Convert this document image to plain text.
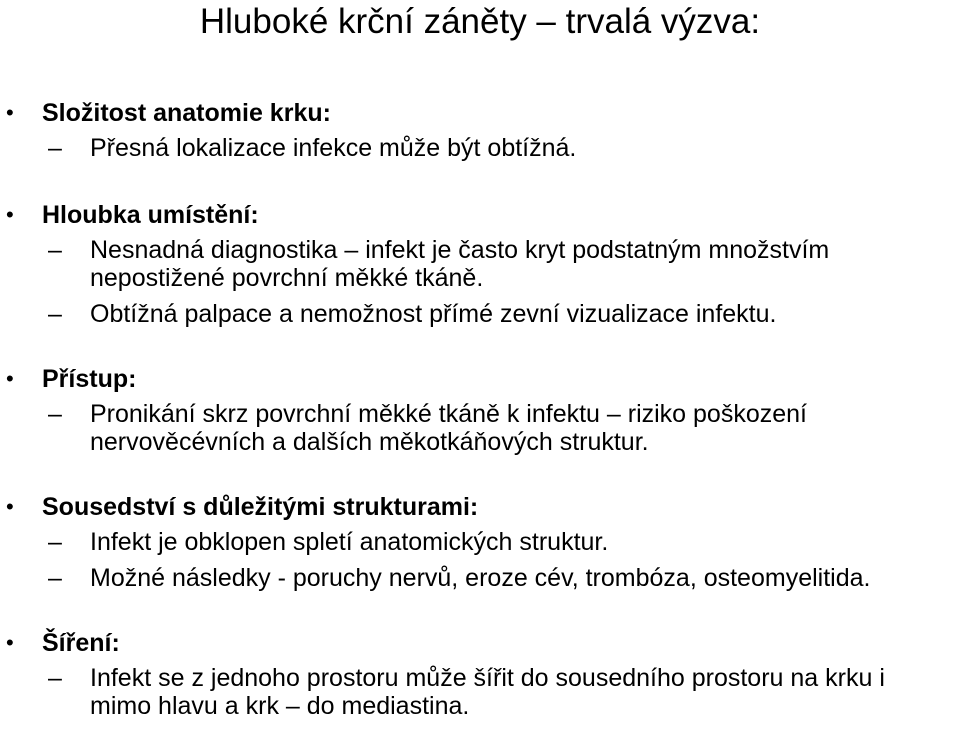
Hluboké krční záněty – trvalá výzva:
• Složitost anatomie krku:
– Přesná lokalizace infekce může být obtížná.
• Hloubka umístění:
– Nesnadná diagnostika – infekt je často kryt podstatným množstvím nepostižené povrchní měkké tkáně.
– Obtížná palpace a nemožnost přímé zevní vizualizace infektu.
• Přístup:
– Pronikání skrz povrchní měkké tkáně k infektu – riziko poškození nervověcévních a dalších měkotkáňových struktur.
• Sousedství s důležitými strukturami:
– Infekt je obklopen spletí anatomických struktur.
– Možné následky - poruchy nervů, eroze cév, trombóza, osteomyelitida.
• Šíření:
– Infekt se z jednoho prostoru může šířit do sousedního prostoru na krku i mimo hlavu a krk – do mediastina.
